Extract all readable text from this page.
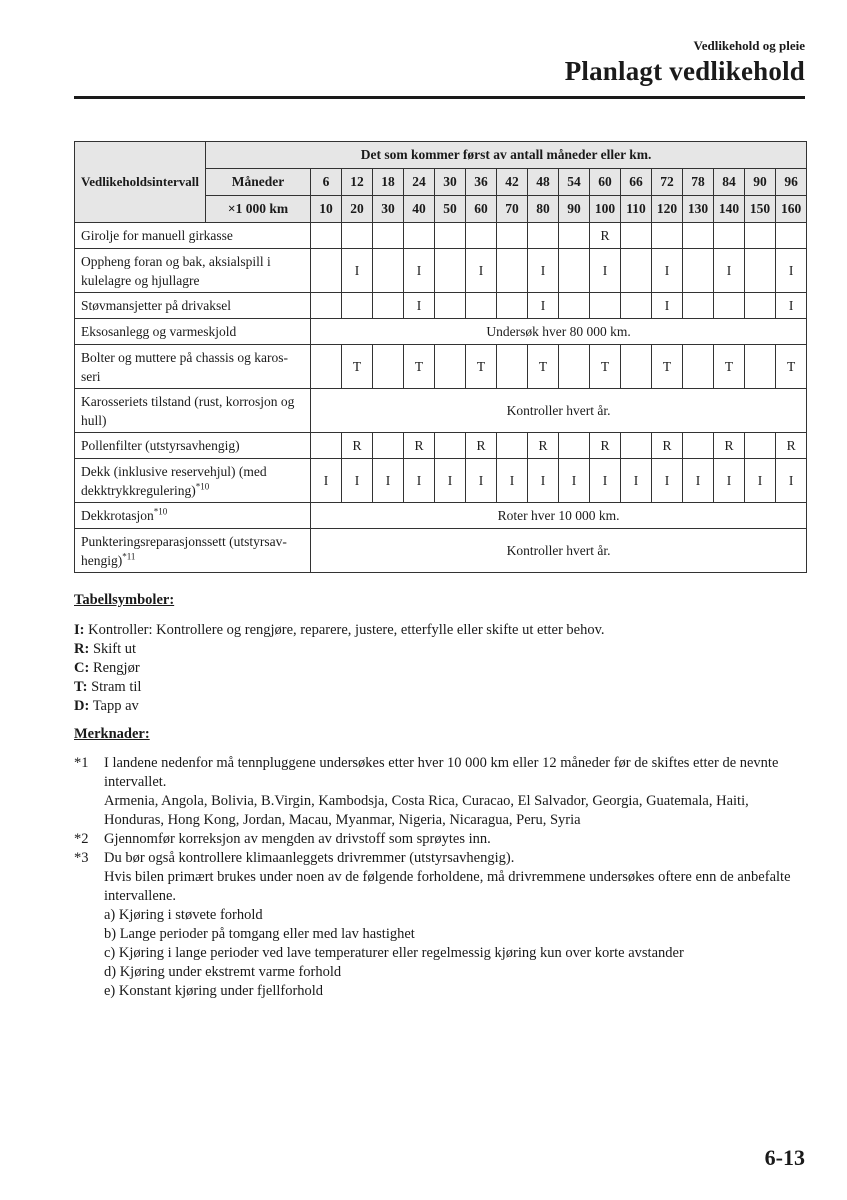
Vedlikehold og pleie
Planlagt vedlikehold
Vedlikeholdsintervall	Det som kommer først av antall måneder eller km.																
	Måneder	6	12	18	24	30	36	42	48	54	60	66	72	78	84	90	96
	×1 000 km	10	20	30	40	50	60	70	80	90	100	110	120	130	140	150	160
Girolje for manuell girkasse											R						
Oppheng foran og bak, aksialspill i kulelagre og hjullagre			I		I		I		I		I		I		I		I
Støvmansjetter på drivaksel					I				I				I				I
Eksosanlegg og varmeskjold		Undersøk hver 80 000 km.															
Bolter og muttere på chassis og karos-seri			T		T		T		T		T		T		T		T
Karosseriets tilstand (rust, korrosjon og hull)		Kontroller hvert år.															
Pollenfilter (utstyrsavhengig)			R		R		R		R		R		R		R		R
Dekk (inklusive reservehjul) (med dekktrykkregulering)$^{*10}$		I	I	I	I	I	I	I	I	I	I	I	I	I	I	I	I
Dekkrotasjon$^{*10}$		Roter hver 10 000 km.															
Punkteringsreparasjonssett (utstyrsav-hengig)$^{*11}$		Kontroller hvert år.															
Tabellsymboler:
I: Kontroller: Kontrollere og rengjøre, reparere, justere, etterfylle eller skifte ut etter behov.
R: Skift ut
C: Rengjør
T: Stram til
D: Tapp av
Merknader:
*1 I landene nedenfor må tennpluggene undersøkes etter hver 10 000 km eller 12 måneder før de skiftes etter de nevnte intervallet.
Armenia, Angola, Bolivia, B.Virgin, Kambodsja, Costa Rica, Curacao, El Salvador, Georgia, Guatemala, Haiti, Honduras, Hong Kong, Jordan, Macau, Myanmar, Nigeria, Nicaragua, Peru, Syria
*2 Gjennomfør korreksjon av mengden av drivstoff som sprøytes inn.
*3 Du bør også kontrollere klimaanleggets drivremmer (utstyrsavhengig).
Hvis bilen primært brukes under noen av de følgende forholdene, må drivremmene undersøkes oftere enn de anbefalte intervallene.
a) Kjøring i støvete forhold
b) Lange perioder på tomgang eller med lav hastighet
c) Kjøring i lange perioder ved lave temperaturer eller regelmessig kjøring kun over korte avstander
d) Kjøring under ekstremt varme forhold
e) Konstant kjøring under fjellforhold
6-13
